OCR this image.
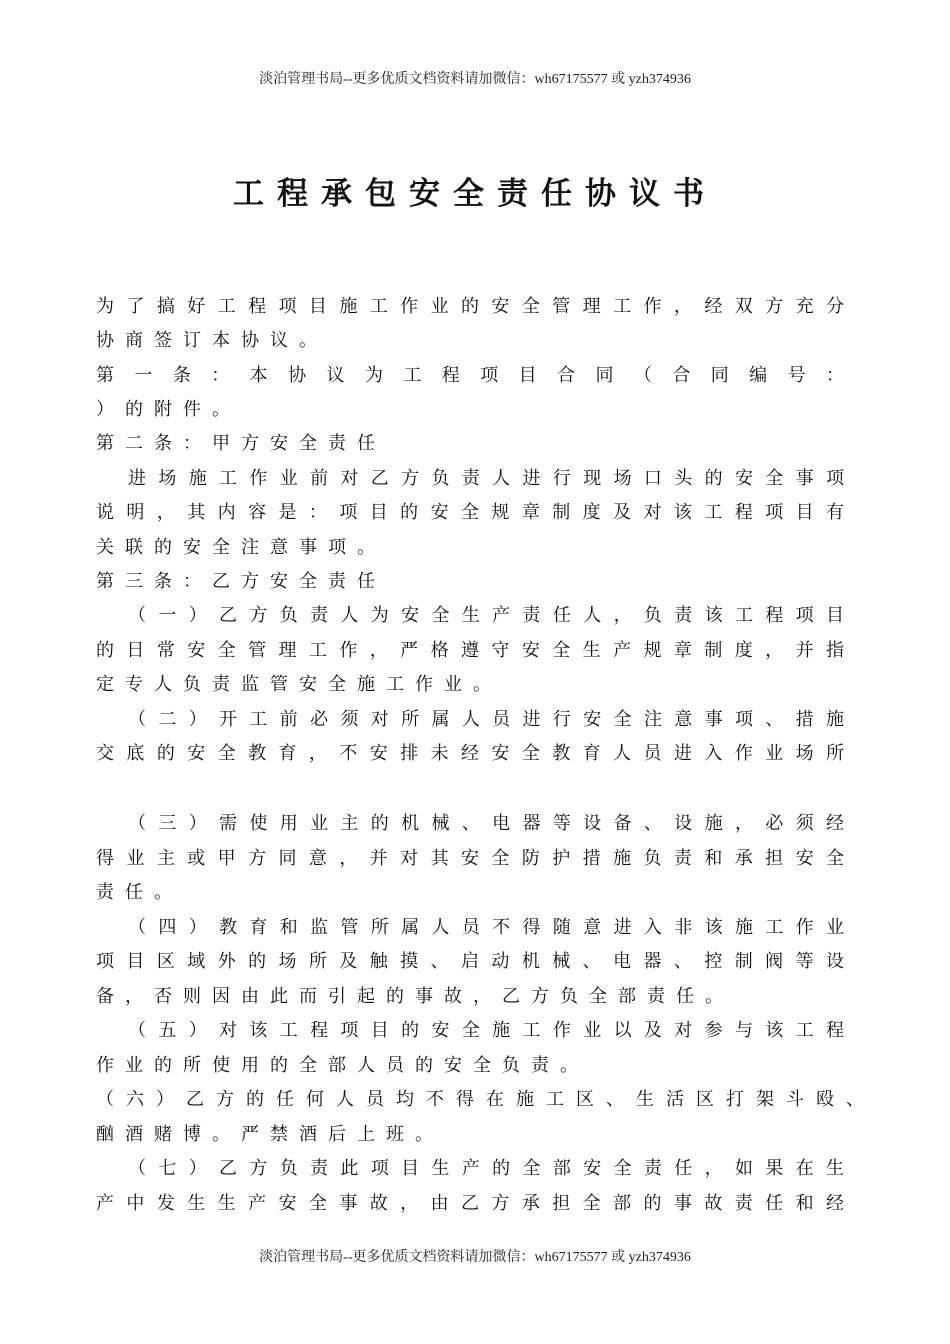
淡泊管理书局--更多优质文档资料请加微信：wh67175577 或 yzh374936
工程承包安全责任协议书
为了搞好工程项目施工作业的安全管理工作，经双方充分
协商签订本协议。
第一条：本协议为工程项目合同（合同编号：
）的附件。
第二条：甲方安全责任
进场施工作业前对乙方负责人进行现场口头的安全事项
说明，其内容是：项目的安全规章制度及对该工程项目有
关联的安全注意事项。
第三条：乙方安全责任
（一）乙方负责人为安全生产责任人，负责该工程项目
的日常安全管理工作，严格遵守安全生产规章制度，并指
定专人负责监管安全施工作业。
（二）开工前必须对所属人员进行安全注意事项、措施
交底的安全教育，不安排未经安全教育人员进入作业场所
（三）需使用业主的机械、电器等设备、设施，必须经
得业主或甲方同意，并对其安全防护措施负责和承担安全
责任。
（四）教育和监管所属人员不得随意进入非该施工作业
项目区域外的场所及触摸、启动机械、电器、控制阀等设
备，否则因由此而引起的事故，乙方负全部责任。
（五）对该工程项目的安全施工作业以及对参与该工程
作业的所使用的全部人员的安全负责。
（六）乙方的任何人员均不得在施工区、生活区打架斗殴、
酗酒赌博。严禁酒后上班。
（七）乙方负责此项目生产的全部安全责任，如果在生
产中发生生产安全事故，由乙方承担全部的事故责任和经
淡泊管理书局--更多优质文档资料请加微信：wh67175577 或 yzh374936
